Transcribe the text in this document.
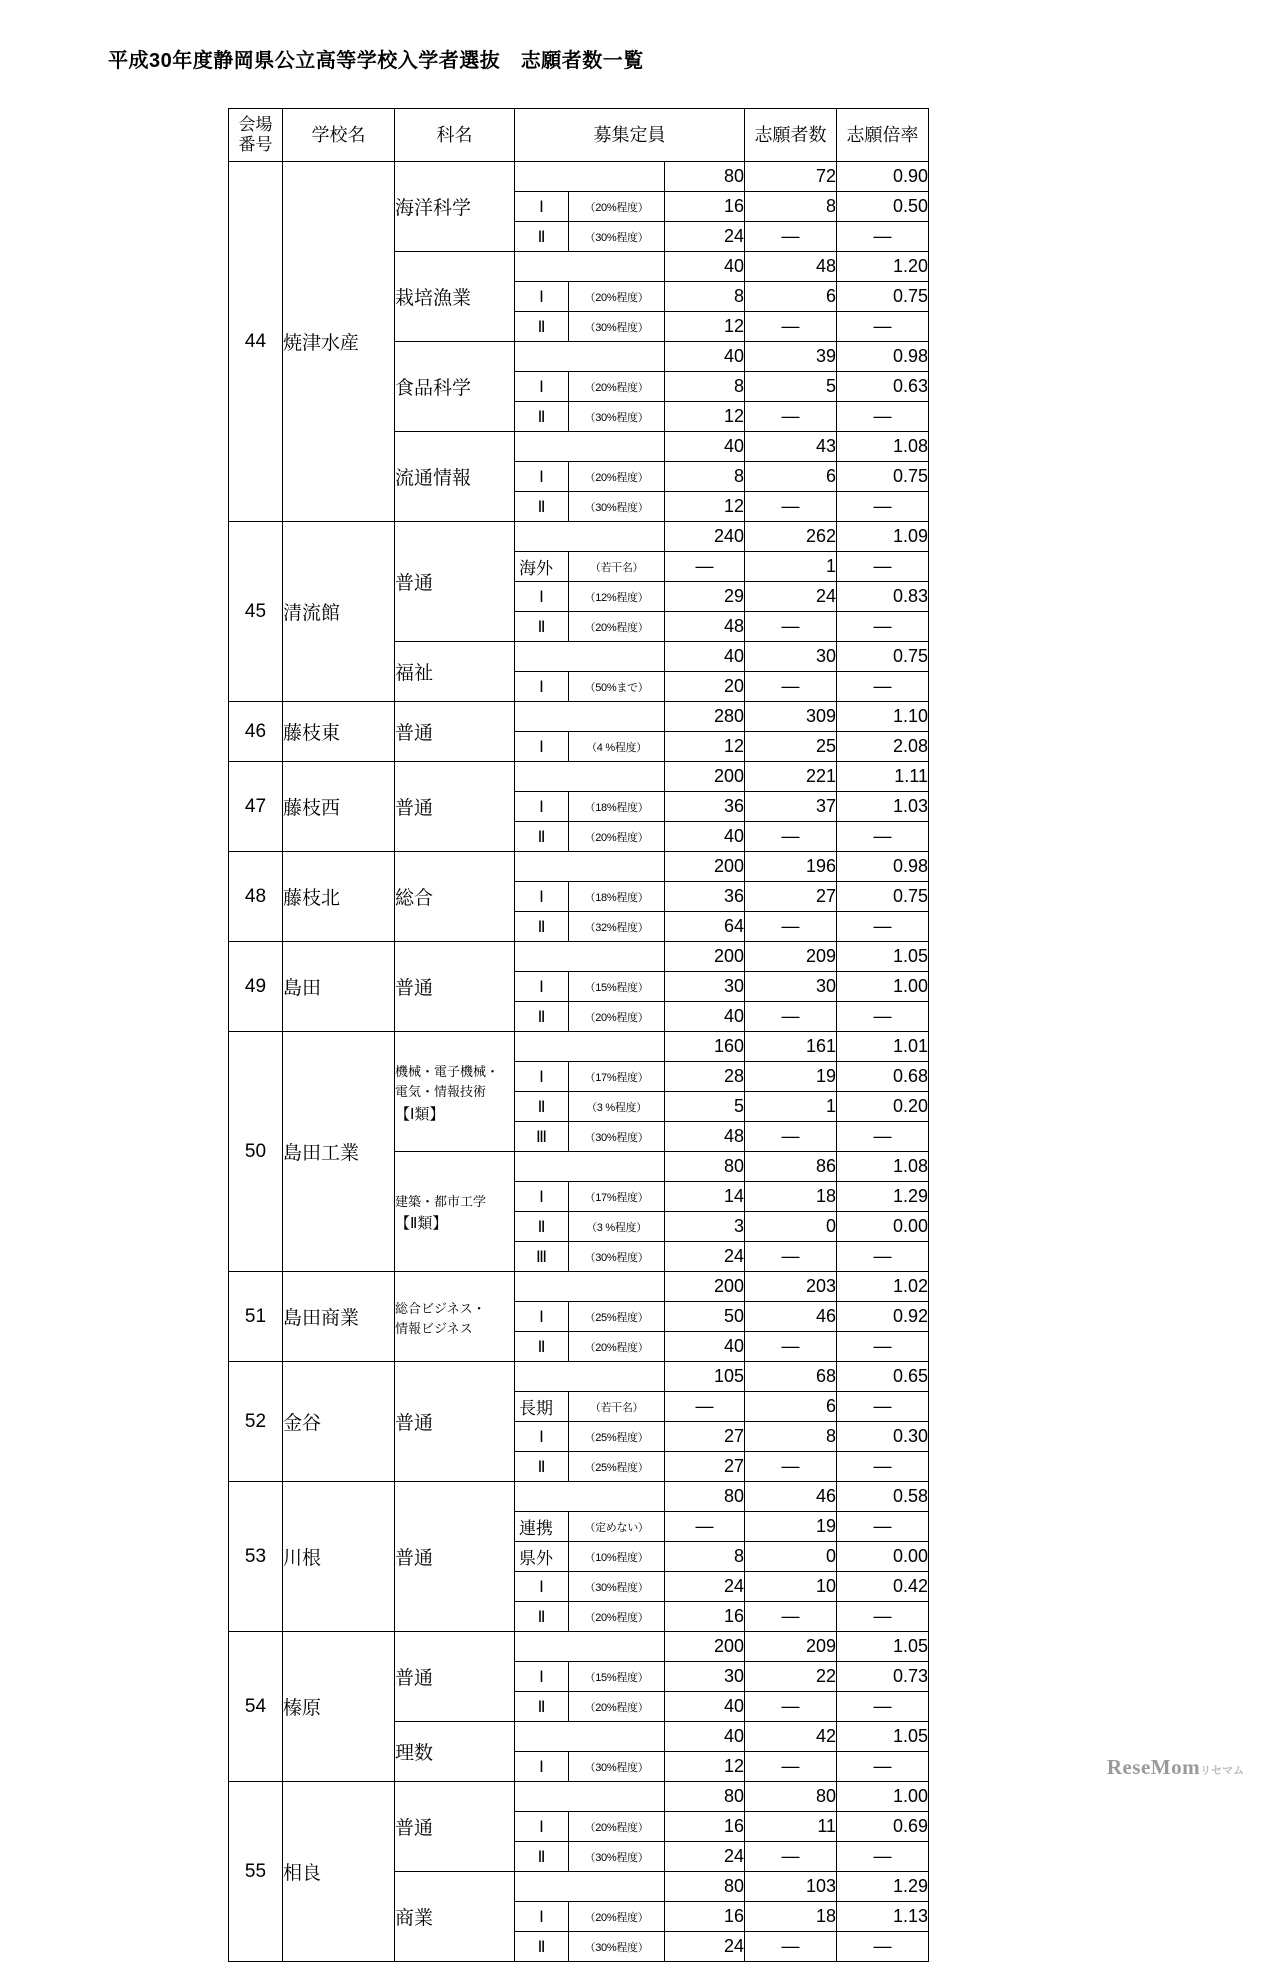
平成30年度静岡県公立高等学校入学者選抜　志願者数一覧
会場
番号	学校名	科名	募集定員			志願者数	志願倍率
44	焼津水産	海洋科学			80	72	0.90
			Ⅰ	（20%程度）	16	8	0.50
			Ⅱ	（30%程度）	24	―	―
		栽培漁業			40	48	1.20
			Ⅰ	（20%程度）	8	6	0.75
			Ⅱ	（30%程度）	12	―	―
		食品科学			40	39	0.98
			Ⅰ	（20%程度）	8	5	0.63
			Ⅱ	（30%程度）	12	―	―
		流通情報			40	43	1.08
			Ⅰ	（20%程度）	8	6	0.75
			Ⅱ	（30%程度）	12	―	―
45	清流館	普通			240	262	1.09
			海外	（若干名）	―	1	―
			Ⅰ	（12%程度）	29	24	0.83
			Ⅱ	（20%程度）	48	―	―
		福祉			40	30	0.75
			Ⅰ	（50%まで）	20	―	―
46	藤枝東	普通			280	309	1.10
			Ⅰ	（4 %程度）	12	25	2.08
47	藤枝西	普通			200	221	1.11
			Ⅰ	（18%程度）	36	37	1.03
			Ⅱ	（20%程度）	40	―	―
48	藤枝北	総合			200	196	0.98
			Ⅰ	（18%程度）	36	27	0.75
			Ⅱ	（32%程度）	64	―	―
49	島田	普通			200	209	1.05
			Ⅰ	（15%程度）	30	30	1.00
			Ⅱ	（20%程度）	40	―	―
50	島田工業	機械・電子機械・
電気・情報技術
【Ⅰ類】			160	161	1.01
			Ⅰ	（17%程度）	28	19	0.68
			Ⅱ	（3 %程度）	5	1	0.20
			Ⅲ	（30%程度）	48	―	―
		建築・都市工学
【Ⅱ類】			80	86	1.08
			Ⅰ	（17%程度）	14	18	1.29
			Ⅱ	（3 %程度）	3	0	0.00
			Ⅲ	（30%程度）	24	―	―
51	島田商業	総合ビジネス・
情報ビジネス			200	203	1.02
			Ⅰ	（25%程度）	50	46	0.92
			Ⅱ	（20%程度）	40	―	―
52	金谷	普通			105	68	0.65
			長期	（若干名）	―	6	―
			Ⅰ	（25%程度）	27	8	0.30
			Ⅱ	（25%程度）	27	―	―
53	川根	普通			80	46	0.58
			連携	（定めない）	―	19	―
			県外	（10%程度）	8	0	0.00
			Ⅰ	（30%程度）	24	10	0.42
			Ⅱ	（20%程度）	16	―	―
54	榛原	普通			200	209	1.05
			Ⅰ	（15%程度）	30	22	0.73
			Ⅱ	（20%程度）	40	―	―
		理数			40	42	1.05
			Ⅰ	（30%程度）	12	―	―
55	相良	普通			80	80	1.00
			Ⅰ	（20%程度）	16	11	0.69
			Ⅱ	（30%程度）	24	―	―
		商業			80	103	1.29
			Ⅰ	（20%程度）	16	18	1.13
			Ⅱ	（30%程度）	24	―	―
ReseMomリセマム
